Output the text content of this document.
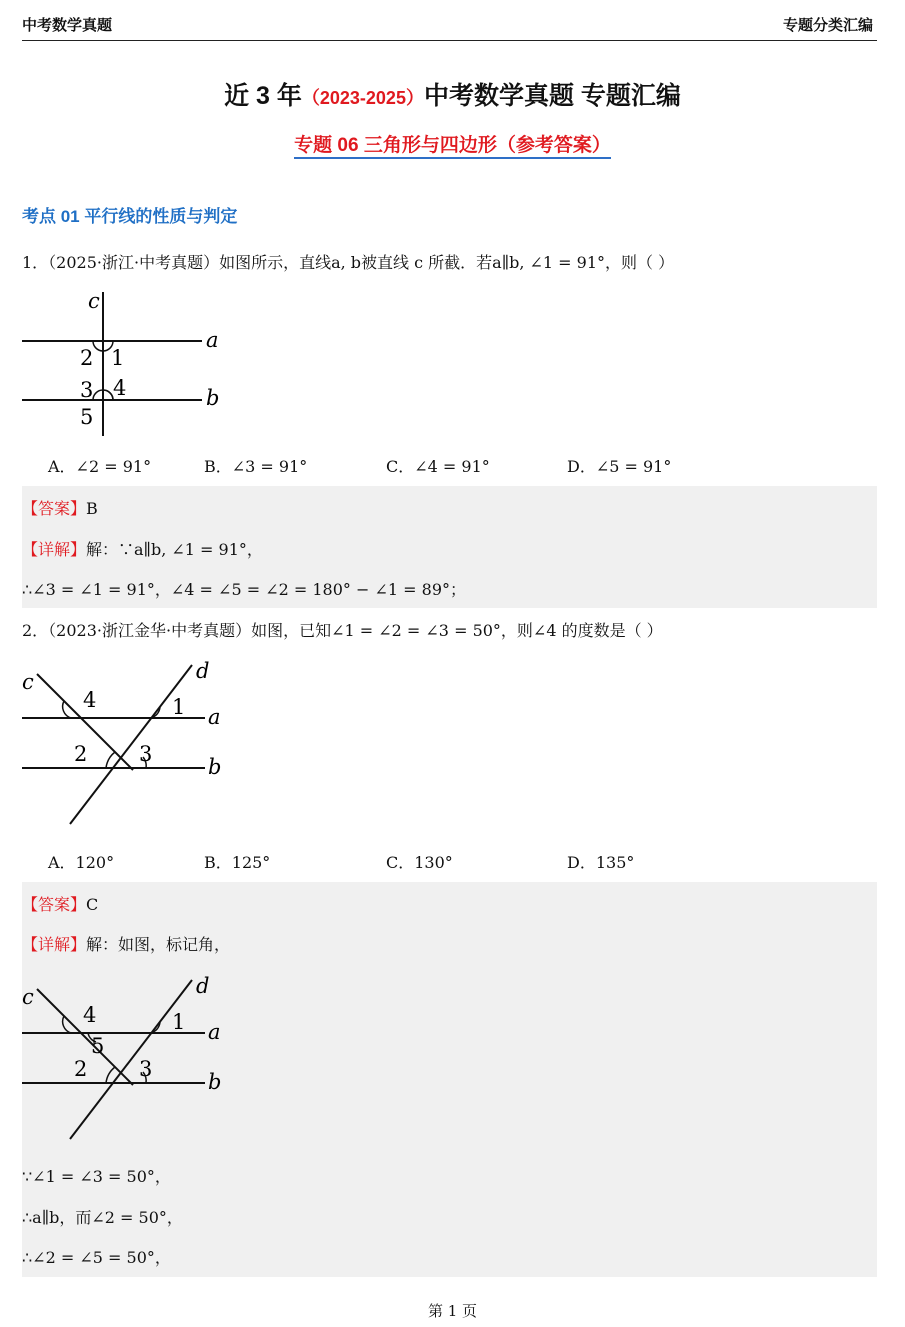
中考数学真题	专题分类汇编
近 3 年（2023-2025）中考数学真题 专题汇编
专题 06 三角形与四边形（参考答案）
考点 01 平行线的性质与判定
1．（2025·浙江·中考真题）如图所示，直线a, b被直线 c 所截．若a∥b, ∠1 = 91°，则（ ）
c
a
b
2 1
3 4
5
A．∠2 = 91°	B．∠3 = 91°	C．∠4 = 91°	D．∠5 = 91°
【答案】B
【详解】解：∵a∥b, ∠1 = 91°，
∴∠3 = ∠1 = 91°，∠4 = ∠5 = ∠2 = 180° − ∠1 = 89°；
2．（2023·浙江金华·中考真题）如图，已知∠1 = ∠2 = ∠3 = 50°，则∠4 的度数是（ ）
c	d
a
b
4	1
2 3
A．120°	B．125°	C．130°	D．135°
【答案】C
【详解】解：如图，标记角，
c	d
a
b
4
5
1
2 3
∵∠1 = ∠3 = 50°，
∴a∥b，而∠2 = 50°，
∴∠2 = ∠5 = 50°，
第 1 页
